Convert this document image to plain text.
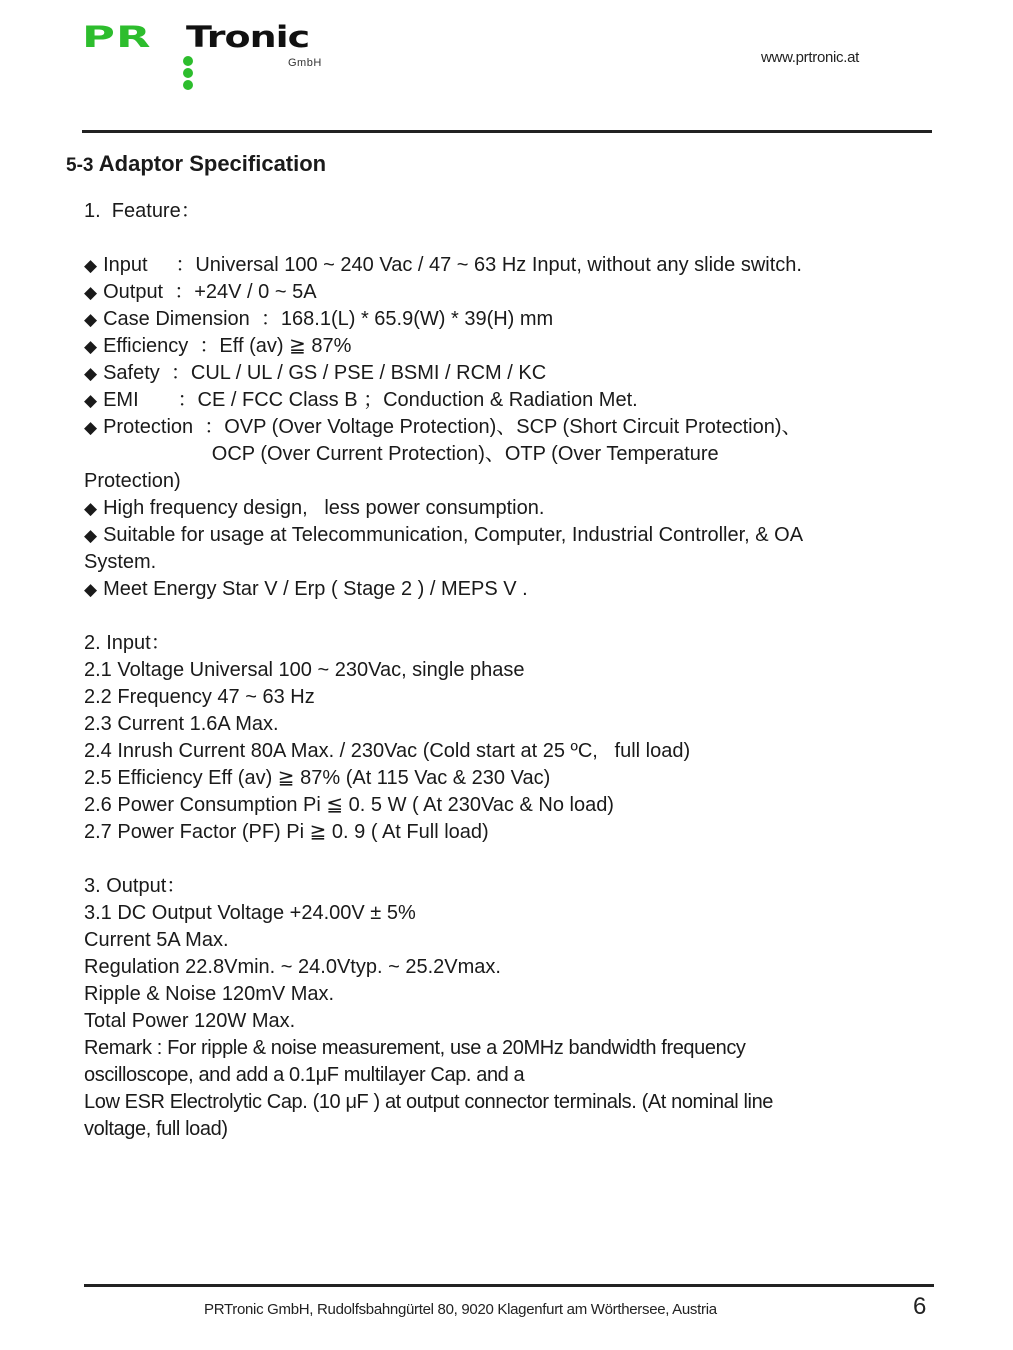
PR Tronic
GmbH	www.prtronic.at
5-3 Adaptor Specification
1.  Feature：
◆ Input     ：Universal 100 ~ 240 Vac / 47 ~ 63 Hz Input, without any slide switch.
◆ Output  ：+24V / 0 ~ 5A
◆ Case Dimension  ：168.1(L) * 65.9(W) * 39(H) mm
◆ Efficiency  ：Eff (av) ≧ 87%
◆ Safety  ：CUL / UL / GS / PSE / BSMI / RCM / KC
◆ EMI       ：CE / FCC Class B ；Conduction & Radiation Met.
◆ Protection  ：OVP (Over Voltage Protection)、SCP (Short Circuit Protection)、
OCP (Over Current Protection)、OTP (Over Temperature
Protection)
◆ High frequency design,   less power consumption.
◆ Suitable for usage at Telecommunication, Computer, Industrial Controller, & OA
System.
◆ Meet Energy Star V / Erp ( Stage 2 ) / MEPS V .
2. Input：
2.1 Voltage Universal 100 ~ 230Vac, single phase
2.2 Frequency 47 ~ 63 Hz
2.3 Current 1.6A Max.
2.4 Inrush Current 80A Max. / 230Vac (Cold start at 25 ºC,   full load)
2.5 Efficiency Eff (av) ≧ 87% (At 115 Vac & 230 Vac)
2.6 Power Consumption Pi ≦ 0. 5 W ( At 230Vac & No load)
2.7 Power Factor (PF) Pi ≧ 0. 9 ( At Full load)
3. Output：
3.1 DC Output Voltage +24.00V ± 5%
Current 5A Max.
Regulation 22.8Vmin. ~ 24.0Vtyp. ~ 25.2Vmax.
Ripple & Noise 120mV Max.
Total Power 120W Max.
Remark : For ripple & noise measurement, use a 20MHz bandwidth frequency
oscilloscope, and add a 0.1μF multilayer Cap. and a
Low ESR Electrolytic Cap. (10 μF ) at output connector terminals. (At nominal line
voltage, full load)
PRTronic GmbH, Rudolfsbahngürtel 80, 9020 Klagenfurt am Wörthersee, Austria	6
